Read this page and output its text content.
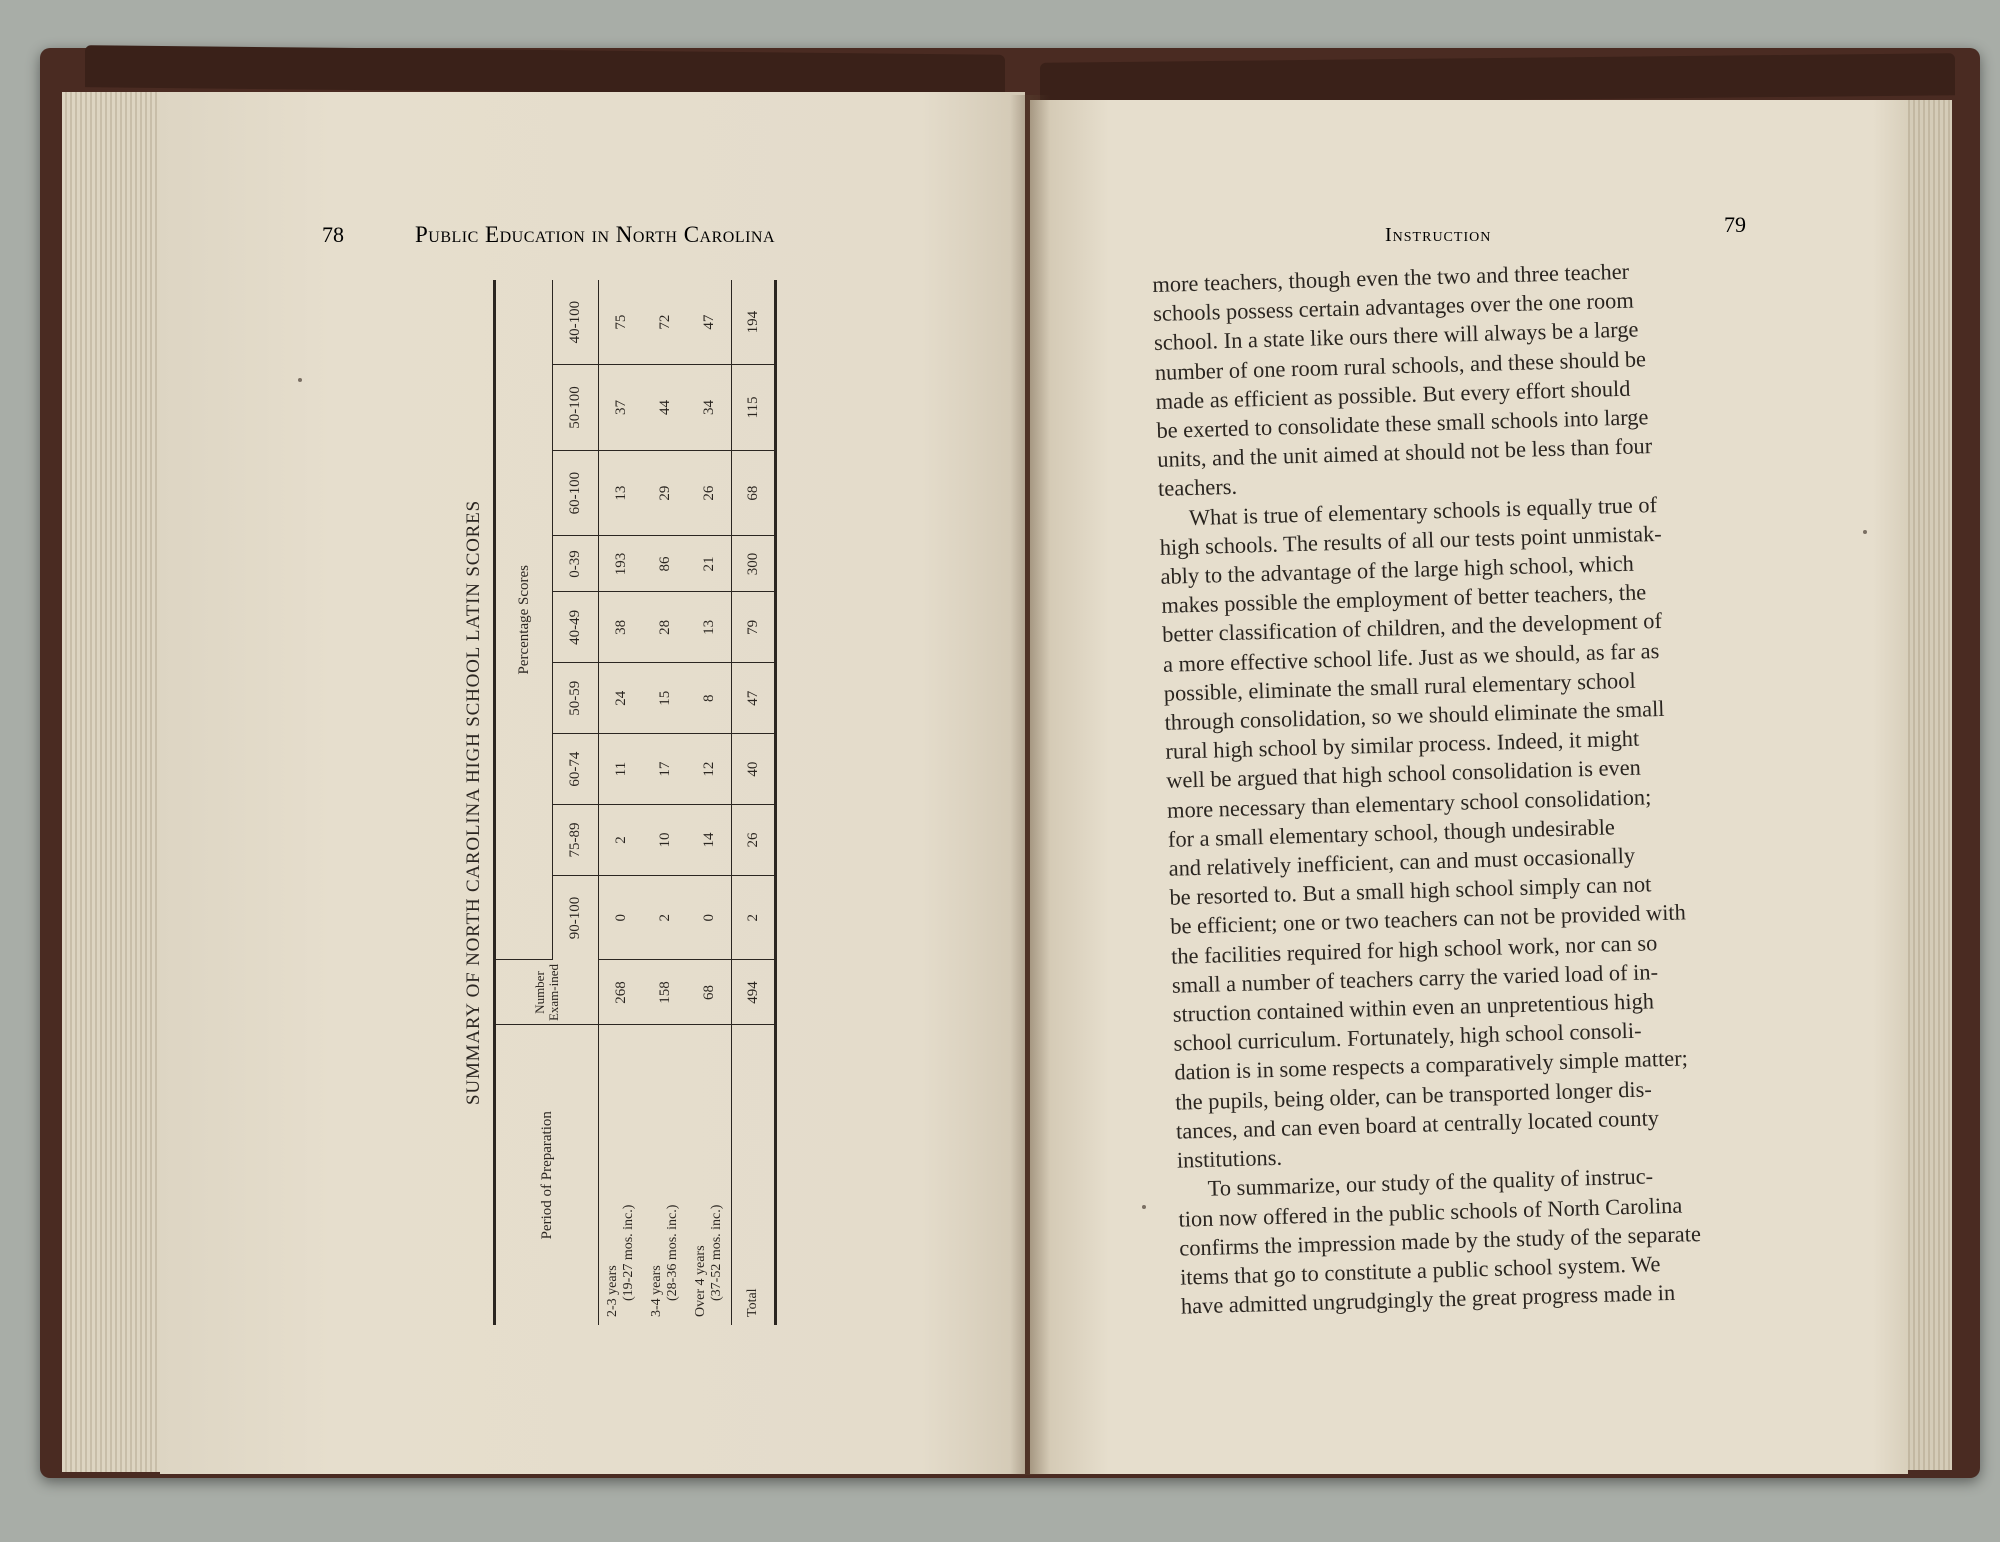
78	Public Education in North Carolina
SUMMARY OF NORTH CAROLINA HIGH SCHOOL LATIN SCORES
Period of Preparation	Number Exam-ined	Percentage Scores								
		90-100	75-89	60-74	50-59	40-49	0-39	60-100	50-100	40-100

2-3 years (19-27 mos. inc.)	268	0	2	11	24	38	193	13	37	75

3-4 years (28-36 mos. inc.)	158	2	10	17	15	28	86	29	44	72

Over 4 years (37-52 mos. inc.)	68	0	14	12	8	13	21	26	34	47

Total	494	2	26	40	47	79	300	68	115	194
Instruction	79
more teachers, though even the two and three teacher
schools possess certain advantages over the one room
school. In a state like ours there will always be a large
number of one room rural schools, and these should be
made as efficient as possible. But every effort should
be exerted to consolidate these small schools into large
units, and the unit aimed at should not be less than four
teachers.
What is true of elementary schools is equally true of
high schools. The results of all our tests point unmistak-
ably to the advantage of the large high school, which
makes possible the employment of better teachers, the
better classification of children, and the development of
a more effective school life. Just as we should, as far as
possible, eliminate the small rural elementary school
through consolidation, so we should eliminate the small
rural high school by similar process. Indeed, it might
well be argued that high school consolidation is even
more necessary than elementary school consolidation;
for a small elementary school, though undesirable
and relatively inefficient, can and must occasionally
be resorted to. But a small high school simply can not
be efficient; one or two teachers can not be provided with
the facilities required for high school work, nor can so
small a number of teachers carry the varied load of in-
struction contained within even an unpretentious high
school curriculum. Fortunately, high school consoli-
dation is in some respects a comparatively simple matter;
the pupils, being older, can be transported longer dis-
tances, and can even board at centrally located county
institutions.
To summarize, our study of the quality of instruc-
tion now offered in the public schools of North Carolina
confirms the impression made by the study of the separate
items that go to constitute a public school system. We
have admitted ungrudgingly the great progress made in
